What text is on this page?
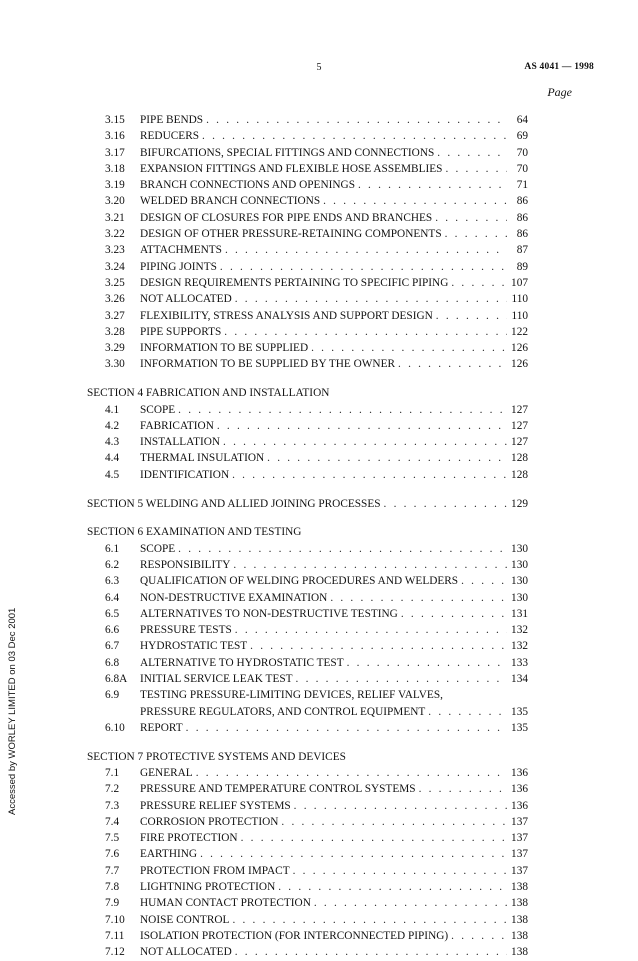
5	AS 4041 — 1998
Page
Accessed by WORLEY LIMITED on 03 Dec 2001
3.15	PIPE BENDS . . .	64
3.16	REDUCERS . . .	69
3.17	BIFURCATIONS, SPECIAL FITTINGS AND CONNECTIONS . . .	70
3.18	EXPANSION FITTINGS AND FLEXIBLE HOSE ASSEMBLIES . . .	70
3.19	BRANCH CONNECTIONS AND OPENINGS . . .	71
3.20	WELDED BRANCH CONNECTIONS . . .	86
3.21	DESIGN OF CLOSURES FOR PIPE ENDS AND BRANCHES . . .	86
3.22	DESIGN OF OTHER PRESSURE-RETAINING COMPONENTS . . .	86
3.23	ATTACHMENTS . . .	87
3.24	PIPING JOINTS . . .	89
3.25	DESIGN REQUIREMENTS PERTAINING TO SPECIFIC PIPING . . .	107
3.26	NOT ALLOCATED . . .	110
3.27	FLEXIBILITY, STRESS ANALYSIS AND SUPPORT DESIGN . . .	110
3.28	PIPE SUPPORTS . . .	122
3.29	INFORMATION TO BE SUPPLIED . . .	126
3.30	INFORMATION TO BE SUPPLIED BY THE OWNER . . .	126
SECTION 4 FABRICATION AND INSTALLATION
4.1	SCOPE . . .	127
4.2	FABRICATION . . .	127
4.3	INSTALLATION . . .	127
4.4	THERMAL INSULATION . . .	128
4.5	IDENTIFICATION . . .	128
SECTION 5 WELDING AND ALLIED JOINING PROCESSES . . .	129
SECTION 6 EXAMINATION AND TESTING
6.1	SCOPE . . .	130
6.2	RESPONSIBILITY . . .	130
6.3	QUALIFICATION OF WELDING PROCEDURES AND WELDERS . . .	130
6.4	NON-DESTRUCTIVE EXAMINATION . . .	130
6.5	ALTERNATIVES TO NON-DESTRUCTIVE TESTING . . .	131
6.6	PRESSURE TESTS . . .	132
6.7	HYDROSTATIC TEST . . .	132
6.8	ALTERNATIVE TO HYDROSTATIC TEST . . .	133
6.8A	INITIAL SERVICE LEAK TEST . . .	134
6.9	TESTING PRESSURE-LIMITING DEVICES, RELIEF VALVES,
PRESSURE REGULATORS, AND CONTROL EQUIPMENT . . .	135
6.10	REPORT . . .	135
SECTION 7 PROTECTIVE SYSTEMS AND DEVICES
7.1	GENERAL . . .	136
7.2	PRESSURE AND TEMPERATURE CONTROL SYSTEMS . . .	136
7.3	PRESSURE RELIEF SYSTEMS . . .	136
7.4	CORROSION PROTECTION . . .	137
7.5	FIRE PROTECTION . . .	137
7.6	EARTHING . . .	137
7.7	PROTECTION FROM IMPACT . . .	137
7.8	LIGHTNING PROTECTION . . .	138
7.9	HUMAN CONTACT PROTECTION . . .	138
7.10	NOISE CONTROL . . .	138
7.11	ISOLATION PROTECTION (FOR INTERCONNECTED PIPING) . . .	138
7.12	NOT ALLOCATED . . .	138
